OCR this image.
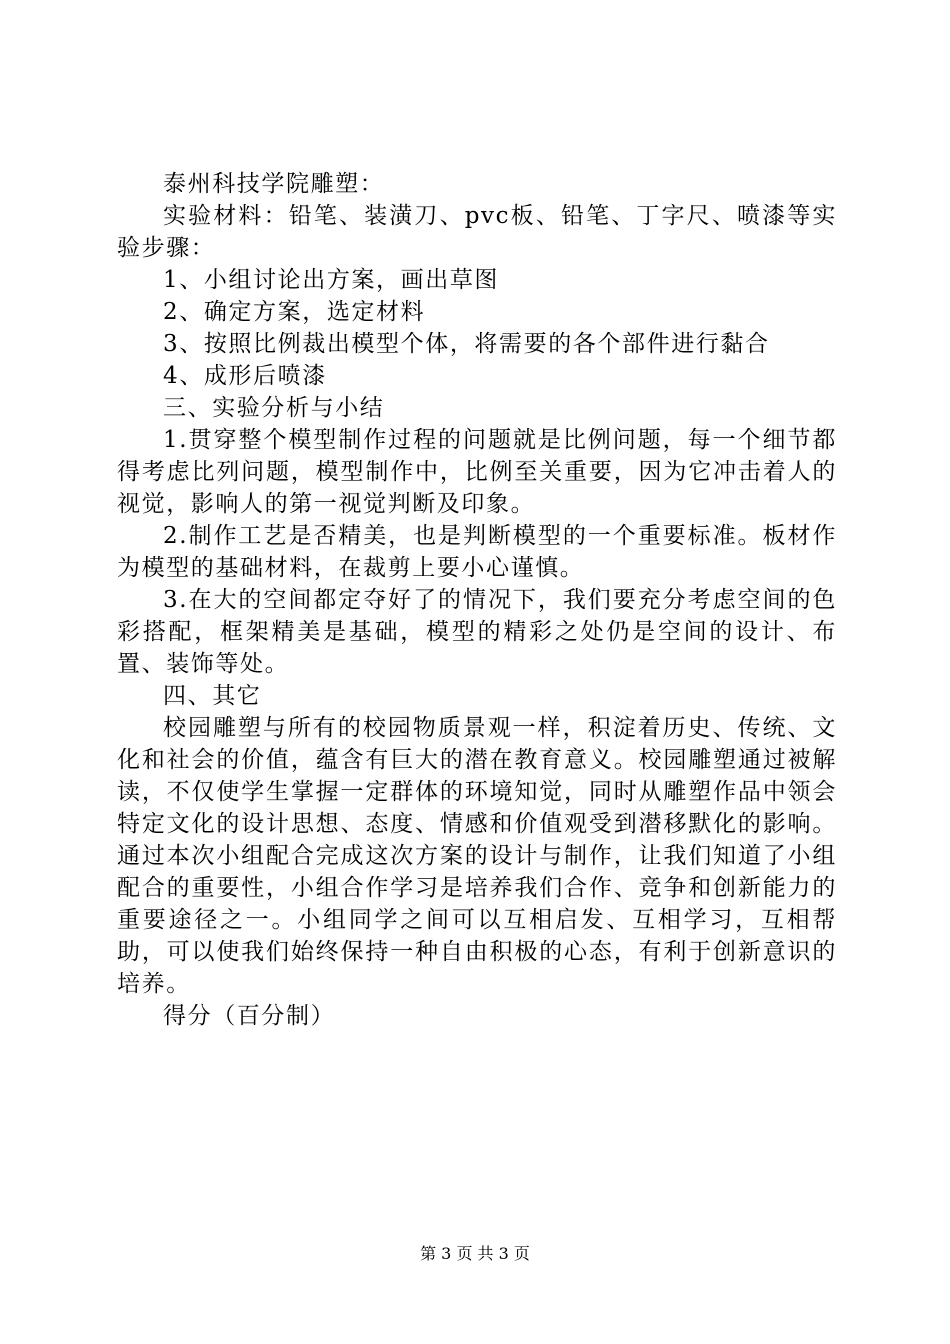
泰州科技学院雕塑：

实验材料：铅笔、装潢刀、pvc板、铅笔、丁字尺、喷漆等实验步骤：

1、小组讨论出方案，画出草图

2、确定方案，选定材料

3、按照比例裁出模型个体，将需要的各个部件进行黏合

4、成形后喷漆

三、实验分析与小结

1.贯穿整个模型制作过程的问题就是比例问题，每一个细节都得考虑比列问题，模型制作中，比例至关重要，因为它冲击着人的视觉，影响人的第一视觉判断及印象。

2.制作工艺是否精美，也是判断模型的一个重要标准。板材作为模型的基础材料，在裁剪上要小心谨慎。

3.在大的空间都定夺好了的情况下，我们要充分考虑空间的色彩搭配，框架精美是基础，模型的精彩之处仍是空间的设计、布置、装饰等处。

四、其它

校园雕塑与所有的校园物质景观一样，积淀着历史、传统、文化和社会的价值，蕴含有巨大的潜在教育意义。校园雕塑通过被解读，不仅使学生掌握一定群体的环境知觉，同时从雕塑作品中领会特定文化的设计思想、态度、情感和价值观受到潜移默化的影响。通过本次小组配合完成这次方案的设计与制作，让我们知道了小组配合的重要性，小组合作学习是培养我们合作、竞争和创新能力的重要途径之一。小组同学之间可以互相启发、互相学习，互相帮助，可以使我们始终保持一种自由积极的心态，有利于创新意识的培养。

得分（百分制）

第 3 页 共 3 页
